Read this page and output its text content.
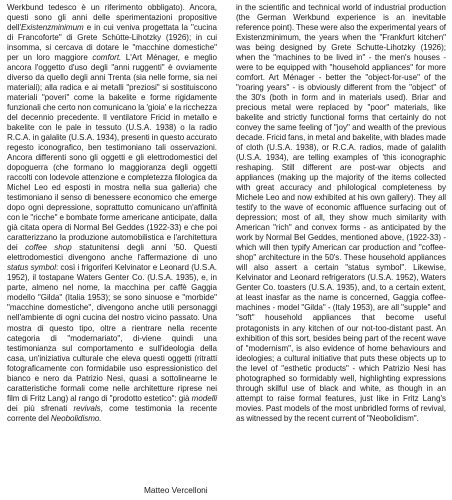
Werkbund tedesco è un riferimento obbligato). Ancora, questi sono gli anni delle sperimentazioni propositive dell'Existenzminimum e in cui veniva progettata la "cucina di Francoforte" di Grete Schütte-Lihotzky (1926); in cui insomma, si cercava di dotare le "macchine domestiche" per un loro maggiore comfort. L'Art Ménager, e meglio ancora l'oggetto d'uso degli "anni ruggenti" è ovviamente diverso da quello degli anni Trenta (sia nelle forme, sia nei materiali); alla radica e ai metalli "preziosi" si sostituiscono materiali "poveri" come la bakelite e forme rigidamente funzionali che certo non comunicano la 'gioia' e la ricchezza del decennio precedente. Il ventilatore Fricid in metallo e bakelite con le pale in tessuto (U.S.A. 1938) o la radio R.C.A. in galalite (U.S.A. 1934), presenti in questo accurato regesto iconografico, ben testimoniano tali osservazioni. Ancora differenti sono gli oggetti e gli elettrodomestici del dopoguerra (che formano lo maggioranza degli oggetti raccolti con lodevole attenzione e completezza filologica da Michel Leo ed esposti in mostra nella sua galleria) che testimoniano il senso di benessere economico che emerge dopo ogni depressione, soprattutto comunicano un'affinità con le "ricche" e bombate forme americane anticipate, dalla già citata opera di Normal Bel Geddes (1922-33) e che poi caratterizzano la produzione automobilistica e l'architettura dei coffee shop statunitensi degli anni '50. Questi elettrodomestici divengono anche l'affermazione di uno status symbol: così i frigoriferi Kelvinator e Leonard (U.S.A. 1952), il tostapane Waters Genter Co. (U.S.A. 1935), e, in parte, almeno nel nome, la macchina per caffè Gaggia modello "Gilda" (Italia 1953); se sono sinuose e "morbide" "macchine domestiche", divengono anche utili personaggi nell'ambiente di ogni cucina del nostro vicino passato. Una mostra di questo tipo, oltre a rientrare nella recente categoria di "modernariato", di-viene quindi una testimonianza sul comportamento e sull'ideologia della casa, un'iniziativa culturale che eleva questi oggetti (ritratti fotograficamente con formidabile uso espressionistico del bianco e nero da Patrizio Nesi, quasi a sottolinearne le caratteristiche formali come nelle architetture riprese nei film di Fritz Lang) al rango di "prodotto estetico": già modelli dei più sfrenati revivals, come testimonia la recente corrente del Neobolidismo.

in the scientific and technical world of industrial production (the German Werkbund experience is an inevitable reference point). These were also the experimental years of Existenzminimum, the years when the "Frankfurt kitchen" was being designed by Grete Schutte-Lihotzky (1926); when the "machines to be lived in" - the men's houses - were to be equipped with "household appliances" for more comfort. Art Ménager - better the "object-for-use" of the "roaring years" - is obviously different from the "object" of the 30's (both in form and in materials used). Briar and precious metal were replaced by "poor" materials, like bakelite and strictly functional forms that certainly do not convey the same feeling of "joy" and wealth of the previous decade. Fricid fans, in metal and bakelite, with blades made of cloth (U.S.A. 1938), or R.C.A. radios, made of galalith (U.S.A. 1934), are telling examples of 'this iconographic reshaping. Still different are post-war objects and appliances (making up the majority of the items collected with great accuracy and philological completeness by Michele Leo and now exhibited at his own gallery). They all testify to the wave of economic affluence surfacing out of depression; most of all, they show much similarity with American "rich" and convex forms - as anticipated by the work by Normal Bel Geddes, mentioned above, (1922-33) - which will then typify American car production and "coffee-shop" architecture in the 50's. These household appliances will also assert a certain "status symbol". Likewise, Kelvinator and Leonard refrigerators (U.S.A. 1952), Waters Genter Co. toasters (U.S.A. 1935), and, to a certain extent, at least inasfar as the name is concerned, Gaggia coffee-machines - model "Gilda" - (Italy 1953), are all "supple" and "soft" household appliances that become useful protagonists in any kitchen of our not-too-distant past. An exhibition of this sort, besides being part of the recent wave of "modernism", is also evidence of home behaviours and ideologies; a cultural initiative that puts these objects up to the level of "esthetic products" - which Patrizio Nesi has photographed so formidably well, highlighting expressions through skilful use of black and white, as though in an attempt to raise formal features, just like in Fritz Lang's movies. Past models of the most unbridled forms of revival, as witnessed by the recent current of "Neobolidism".

Matteo Vercelloni
